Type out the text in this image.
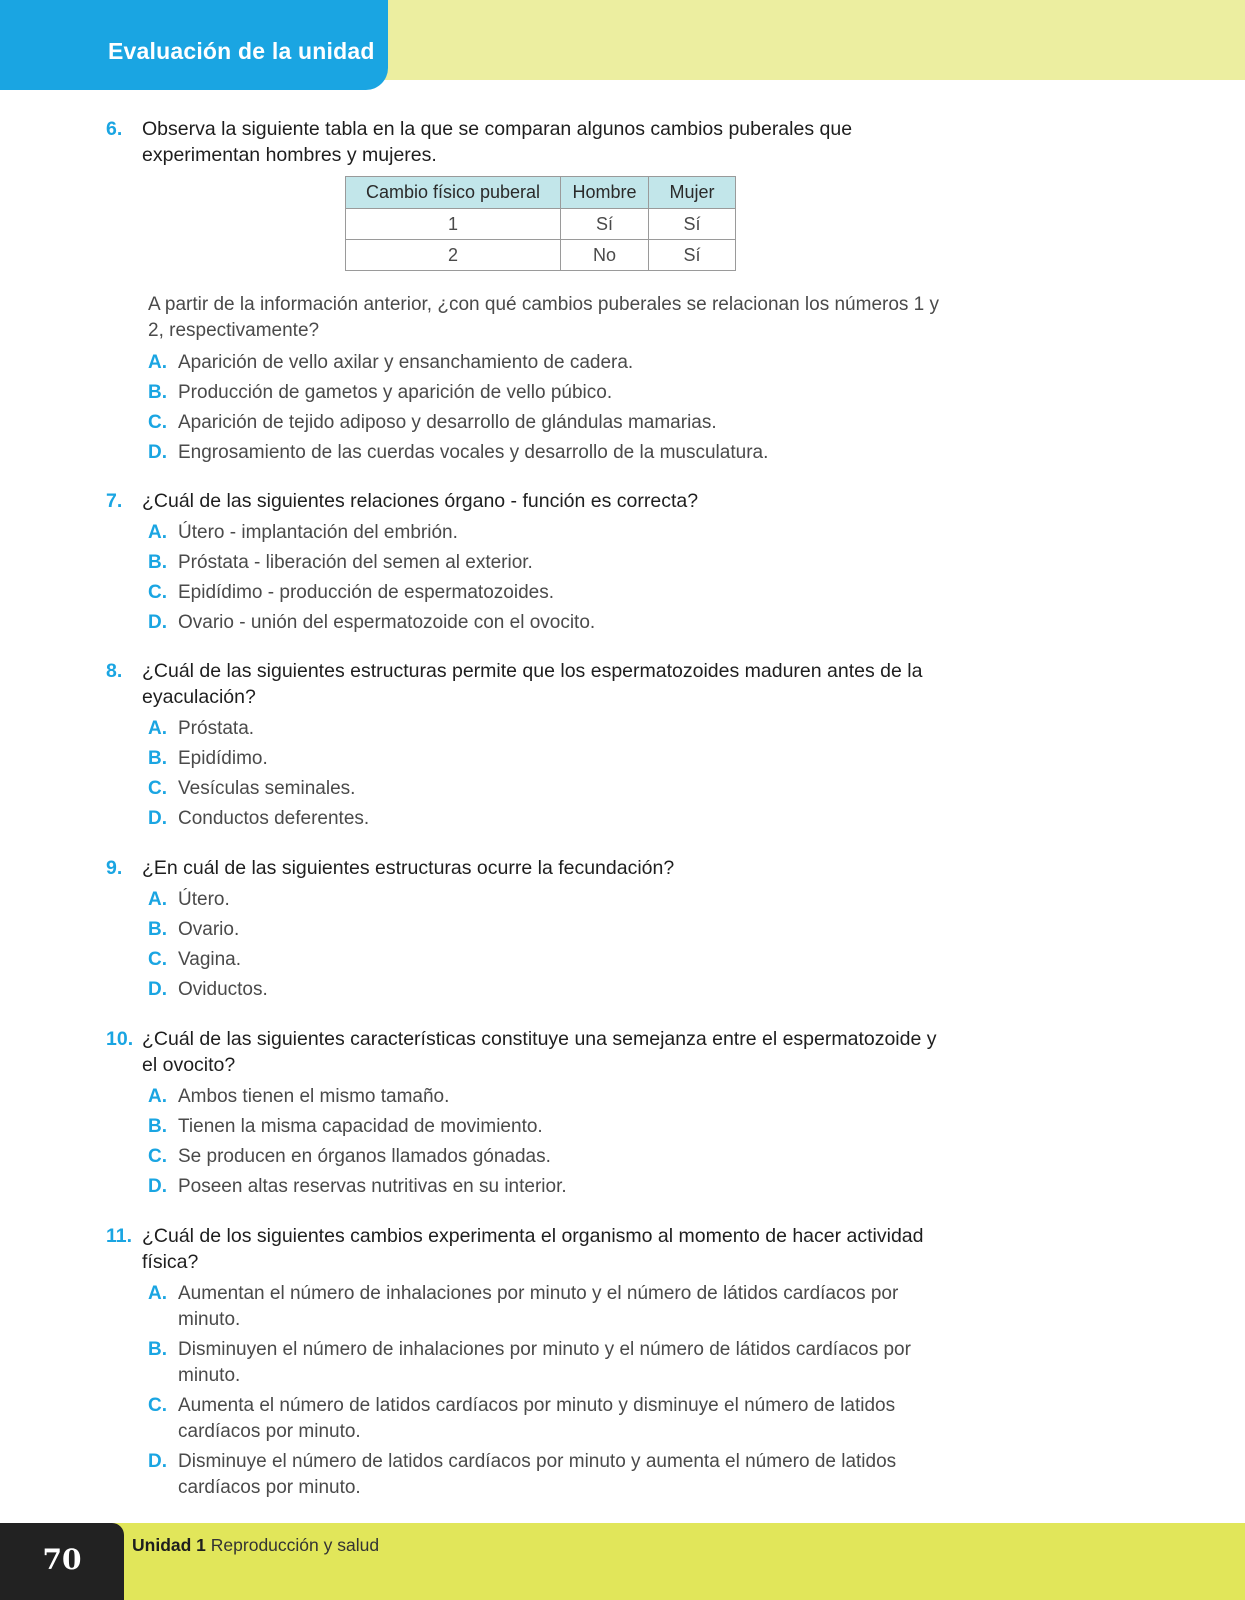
Evaluación de la unidad
6. Observa la siguiente tabla en la que se comparan algunos cambios puberales que experimentan hombres y mujeres.
Cambio físico puberal	Hombre	Mujer
1	Sí	Sí
2	No	Sí
A partir de la información anterior, ¿con qué cambios puberales se relacionan los números 1 y 2, respectivamente?
A. Aparición de vello axilar y ensanchamiento de cadera.
B. Producción de gametos y aparición de vello púbico.
C. Aparición de tejido adiposo y desarrollo de glándulas mamarias.
D. Engrosamiento de las cuerdas vocales y desarrollo de la musculatura.
7. ¿Cuál de las siguientes relaciones órgano - función es correcta?
A. Útero - implantación del embrión.
B. Próstata - liberación del semen al exterior.
C. Epidídimo - producción de espermatozoides.
D. Ovario - unión del espermatozoide con el ovocito.
8. ¿Cuál de las siguientes estructuras permite que los espermatozoides maduren antes de la eyaculación?
A. Próstata.
B. Epidídimo.
C. Vesículas seminales.
D. Conductos deferentes.
9. ¿En cuál de las siguientes estructuras ocurre la fecundación?
A. Útero.
B. Ovario.
C. Vagina.
D. Oviductos.
10. ¿Cuál de las siguientes características constituye una semejanza entre el espermatozoide y el ovocito?
A. Ambos tienen el mismo tamaño.
B. Tienen la misma capacidad de movimiento.
C. Se producen en órganos llamados gónadas.
D. Poseen altas reservas nutritivas en su interior.
11. ¿Cuál de los siguientes cambios experimenta el organismo al momento de hacer actividad física?
A. Aumentan el número de inhalaciones por minuto y el número de látidos cardíacos por minuto.
B. Disminuyen el número de inhalaciones por minuto y el número de látidos cardíacos por minuto.
C. Aumenta el número de latidos cardíacos por minuto y disminuye el número de latidos cardíacos por minuto.
D. Disminuye el número de latidos cardíacos por minuto y aumenta el número de latidos cardíacos por minuto.
70	Unidad 1 Reproducción y salud
